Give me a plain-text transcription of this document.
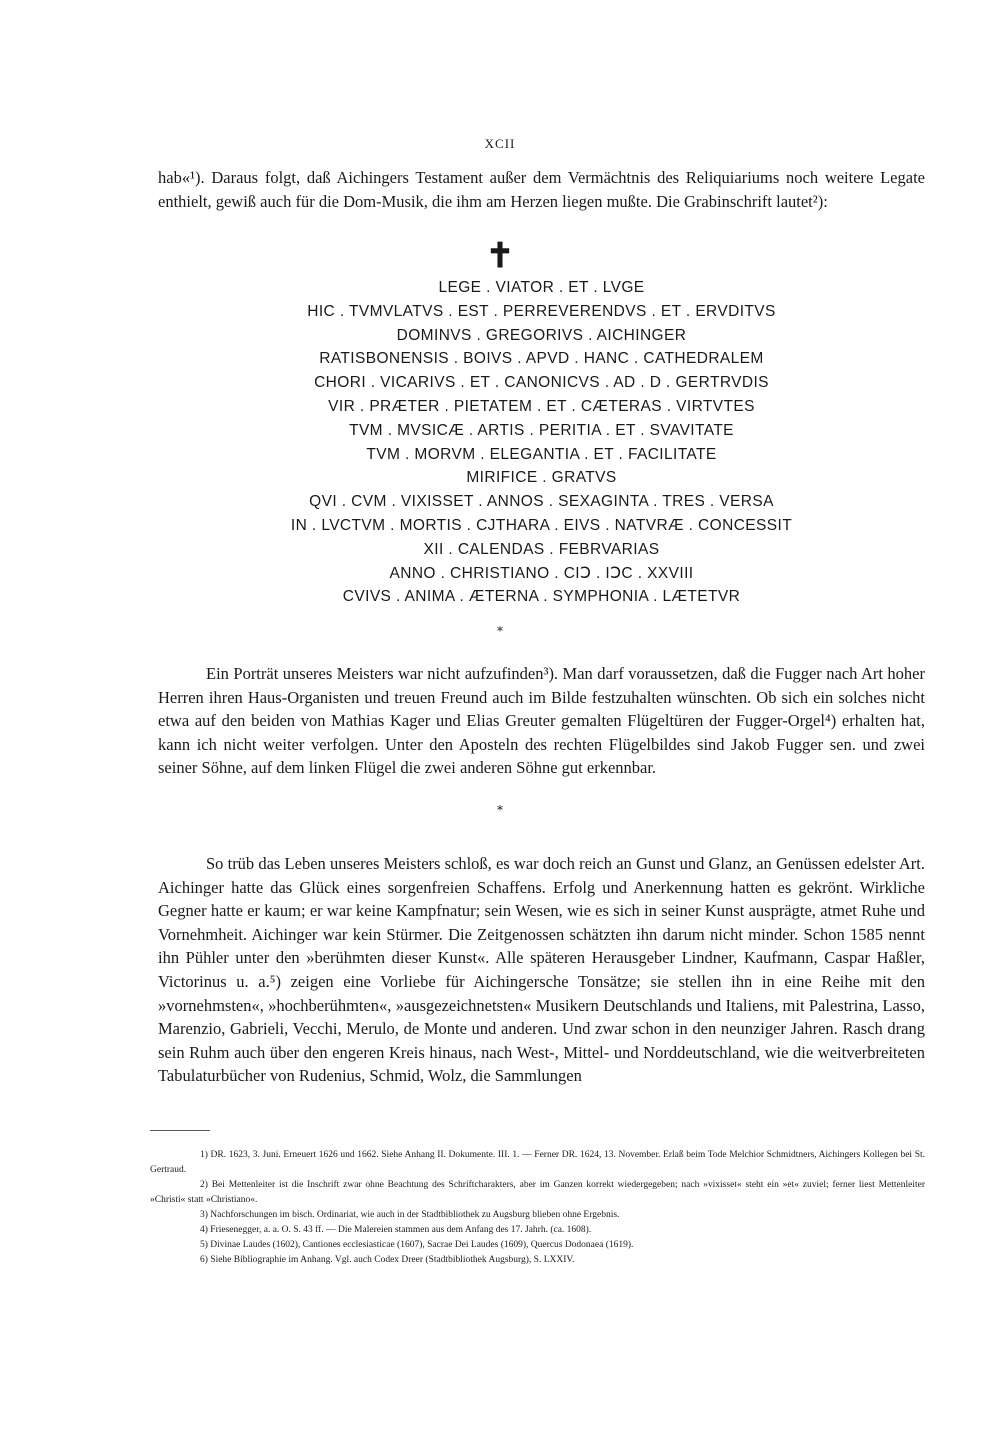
XCII

hab«¹). Daraus folgt, daß Aichingers Testament außer dem Vermächtnis des Reliquiariums noch weitere Legate enthielt, gewiß auch für die Dom-Musik, die ihm am Herzen liegen mußte. Die Grabinschrift lautet²):

✝
LEGE . VIATOR . ET . LVGE
HIC . TVMVLATVS . EST . PERREVERENDVS . ET . ERVDITVS
DOMINVS . GREGORIVS . AICHINGER
RATISBONENSIS . BOIVS . APVD . HANC . CATHEDRALEM
CHORI . VICARIVS . ET . CANONICVS . AD . D . GERTRVDIS
VIR . PRÆTER . PIETATEM . ET . CÆTERAS . VIRTVTES
TVM . MVSICÆ . ARTIS . PERITIA . ET . SVAVITATE
TVM . MORVM . ELEGANTIA . ET . FACILITATE
MIRIFICE . GRATVS
QVI . CVM . VIXISSET . ANNOS . SEXAGINTA . TRES . VERSA
IN . LVCTVM . MORTIS . CJTHARA . EIVS . NATVRÆ . CONCESSIT
XII . CALENDAS . FEBRVARIAS
ANNO . CHRISTIANO . CIↃ . IↃC . XXVIII
CVIVS . ANIMA . ÆTERNA . SYMPHONIA . LÆTETVR
*

Ein Porträt unseres Meisters war nicht aufzufinden³). Man darf voraussetzen, daß die Fugger nach Art hoher Herren ihren Haus-Organisten und treuen Freund auch im Bilde festzuhalten wünschten. Ob sich ein solches nicht etwa auf den beiden von Mathias Kager und Elias Greuter gemalten Flügeltüren der Fugger-Orgel⁴) erhalten hat, kann ich nicht weiter verfolgen. Unter den Aposteln des rechten Flügelbildes sind Jakob Fugger sen. und zwei seiner Söhne, auf dem linken Flügel die zwei anderen Söhne gut erkennbar.

*

So trüb das Leben unseres Meisters schloß, es war doch reich an Gunst und Glanz, an Genüssen edelster Art. Aichinger hatte das Glück eines sorgenfreien Schaffens. Erfolg und Anerkennung hatten es gekrönt. Wirkliche Gegner hatte er kaum; er war keine Kampfnatur; sein Wesen, wie es sich in seiner Kunst ausprägte, atmet Ruhe und Vornehmheit. Aichinger war kein Stürmer. Die Zeitgenossen schätzten ihn darum nicht minder. Schon 1585 nennt ihn Pühler unter den »berühmten dieser Kunst«. Alle späteren Herausgeber Lindner, Kaufmann, Caspar Haßler, Victorinus u. a.⁵) zeigen eine Vorliebe für Aichingersche Tonsätze; sie stellen ihn in eine Reihe mit den »vornehmsten«, »hochberühmten«, »ausgezeichnetsten« Musikern Deutschlands und Italiens, mit Palestrina, Lasso, Marenzio, Gabrieli, Vecchi, Merulo, de Monte und anderen. Und zwar schon in den neunziger Jahren. Rasch drang sein Ruhm auch über den engeren Kreis hinaus, nach West-, Mittel- und Norddeutschland, wie die weitverbreiteten Tabulaturbücher von Rudenius, Schmid, Wolz, die Sammlungen

1) DR. 1623, 3. Juni. Erneuert 1626 und 1662. Siehe Anhang II. Dokumente. III. 1. — Ferner DR. 1624, 13. November. Erlaß beim Tode Melchior Schmidtners, Aichingers Kollegen bei St. Gertraud.

2) Bei Mettenleiter ist die Inschrift zwar ohne Beachtung des Schriftcharakters, aber im Ganzen korrekt wiedergegeben; nach »vixisset« steht ein »et« zuviel; ferner liest Mettenleiter »Christi« statt »Christiano«.

3) Nachforschungen im bisch. Ordinariat, wie auch in der Stadtbibliothek zu Augsburg blieben ohne Ergebnis.

4) Friesenegger, a. a. O. S. 43 ff. — Die Malereien stammen aus dem Anfang des 17. Jahrh. (ca. 1608).

5) Divinae Laudes (1602), Cantiones ecclesiasticae (1607), Sacrae Dei Laudes (1609), Quercus Dodonaea (1619).

6) Siehe Bibliographie im Anhang. Vgl. auch Codex Dreer (Stadtbibliothek Augsburg), S. LXXIV.
